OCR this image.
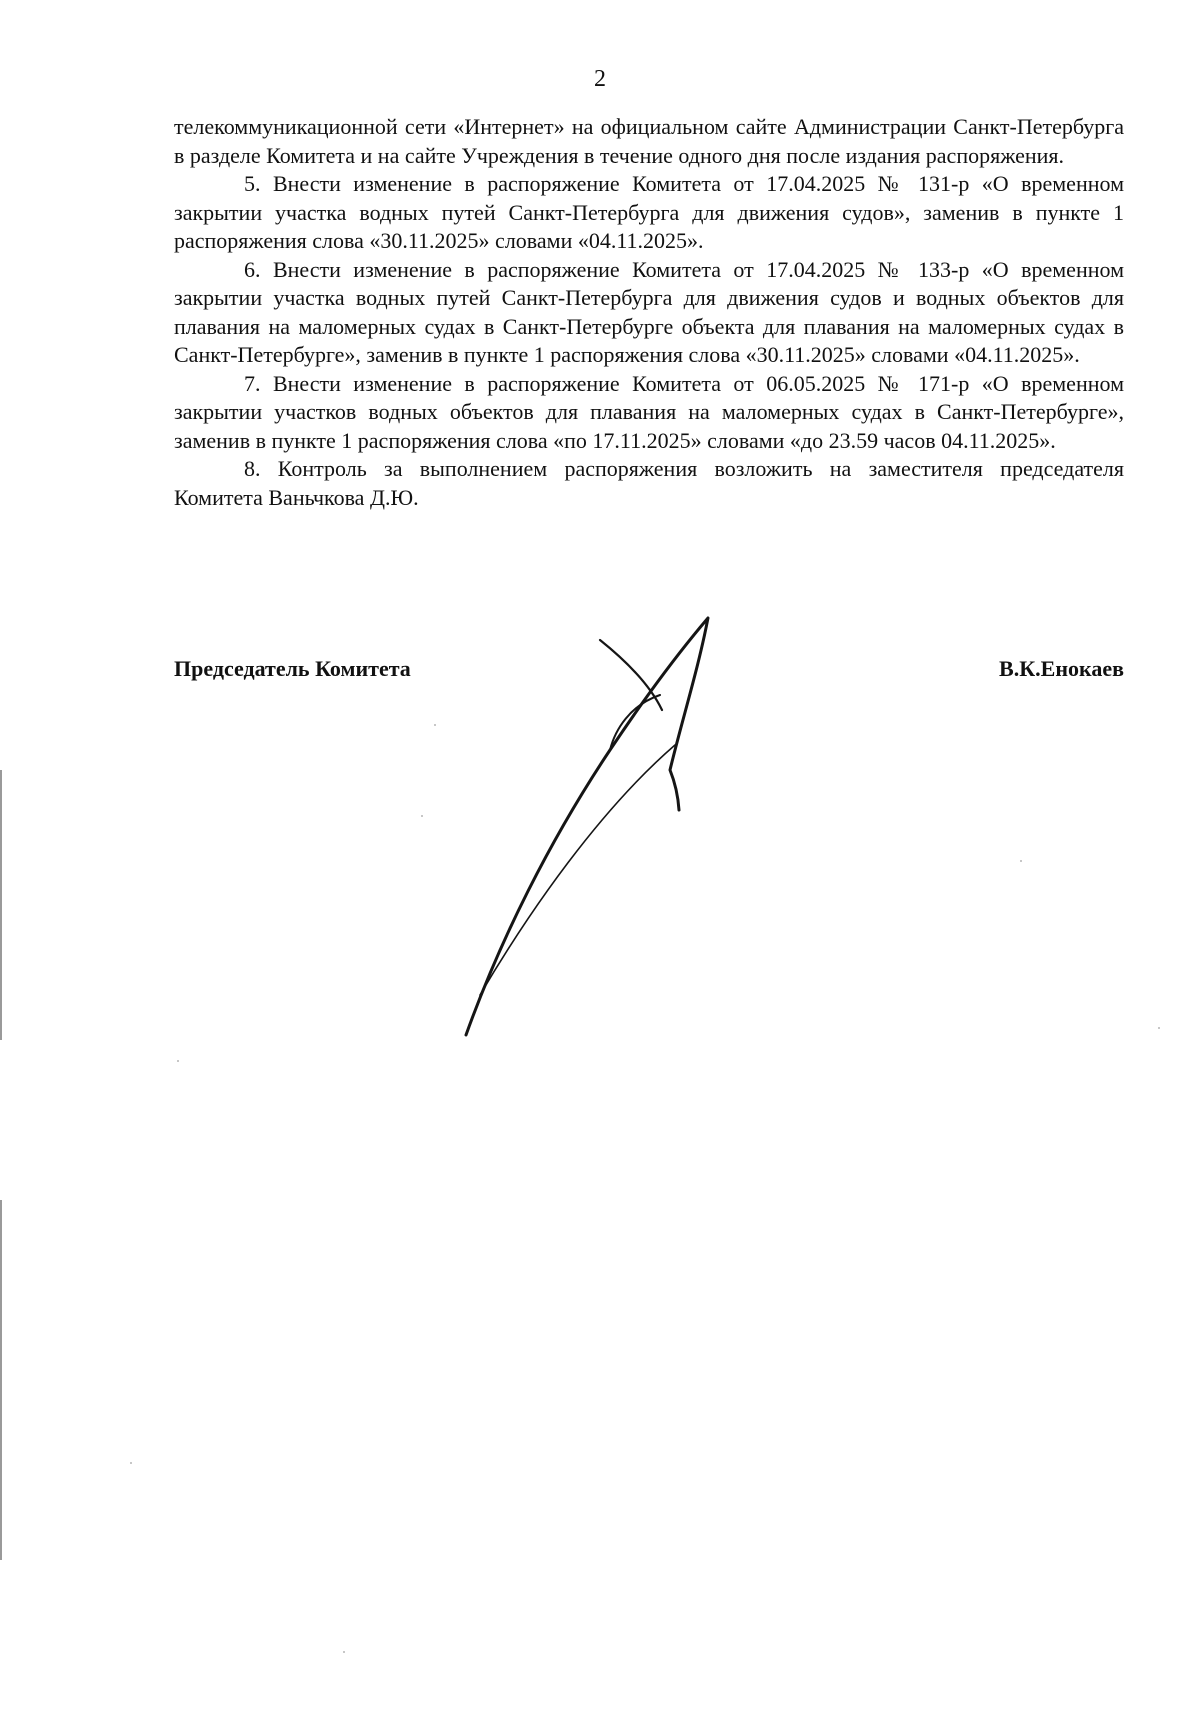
2

телекоммуникационной сети «Интернет» на официальном сайте Администрации Санкт-Петербурга в разделе Комитета и на сайте Учреждения в течение одного дня после издания распоряжения.

5. Внести изменение в распоряжение Комитета от 17.04.2025 № 131-р «О временном закрытии участка водных путей Санкт-Петербурга для движения судов», заменив в пункте 1 распоряжения слова «30.11.2025» словами «04.11.2025».

6. Внести изменение в распоряжение Комитета от 17.04.2025 № 133-р «О временном закрытии участка водных путей Санкт-Петербурга для движения судов и водных объектов для плавания на маломерных судах в Санкт-Петербурге объекта для плавания на маломерных судах в Санкт-Петербурге», заменив в пункте 1 распоряжения слова «30.11.2025» словами «04.11.2025».

7. Внести изменение в распоряжение Комитета от 06.05.2025 № 171-р «О временном закрытии участков водных объектов для плавания на маломерных судах в Санкт-Петербурге», заменив в пункте 1 распоряжения слова «по 17.11.2025» словами «до 23.59 часов 04.11.2025».

8. Контроль за выполнением распоряжения возложить на заместителя председателя Комитета Ваньчкова Д.Ю.

Председатель Комитета	В.К.Енокаев
